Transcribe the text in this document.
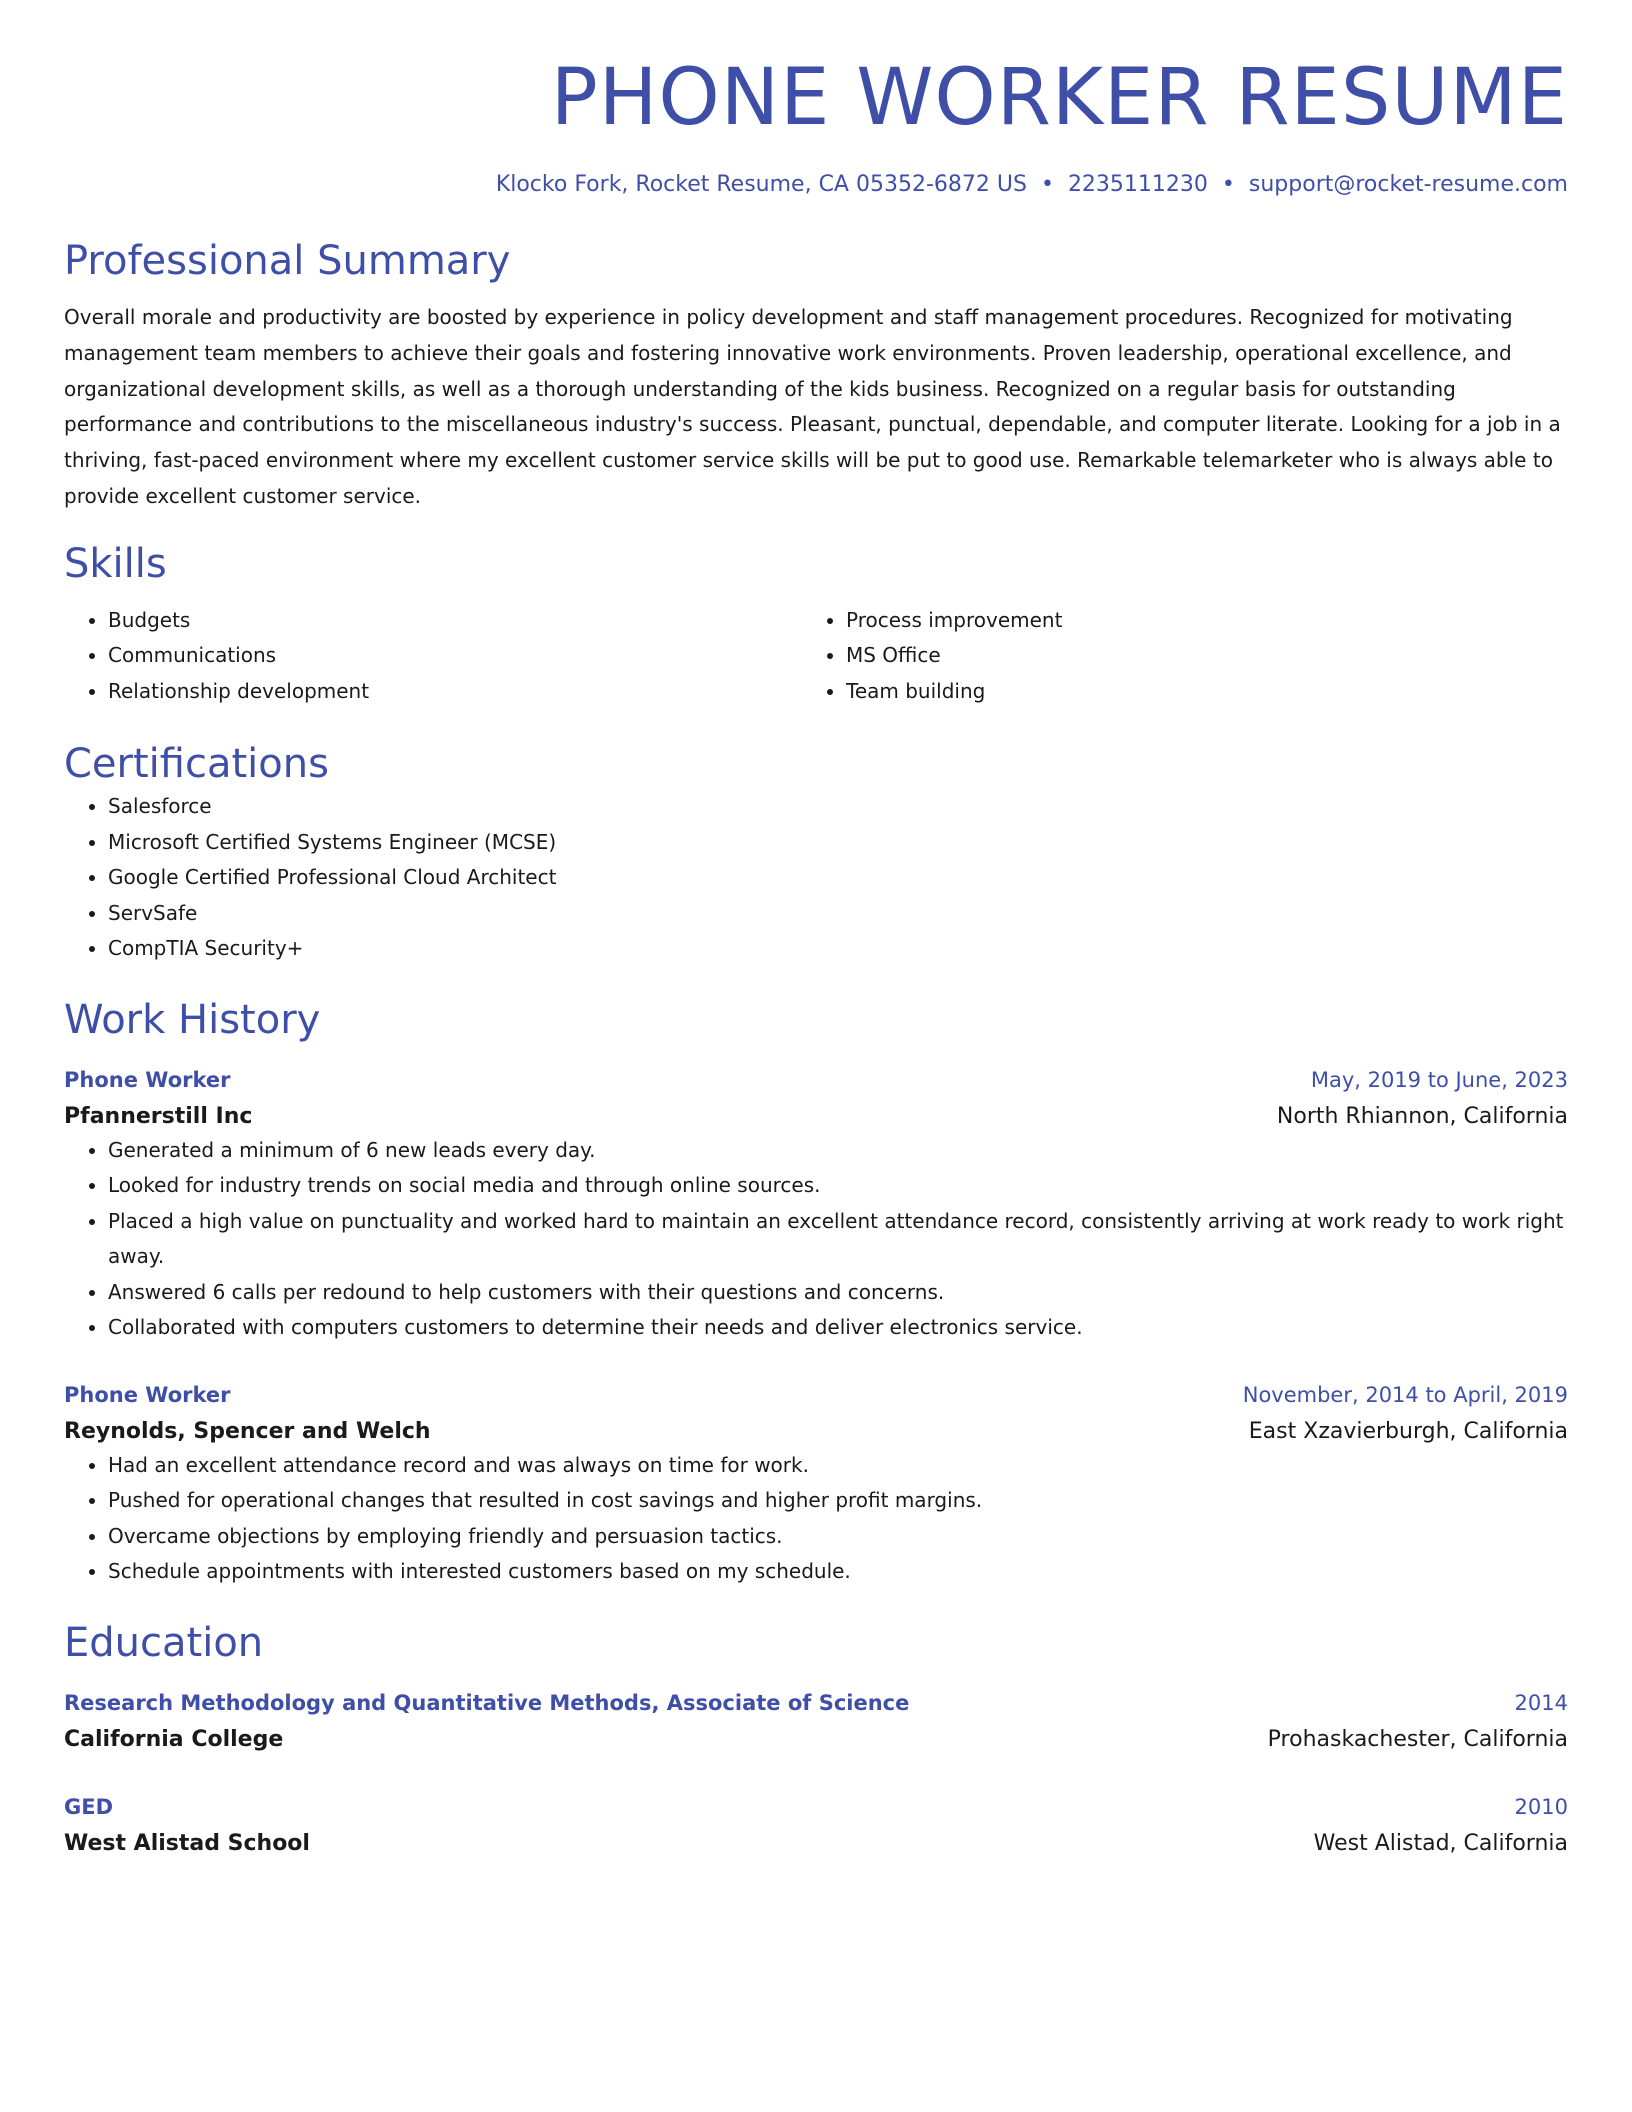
PHONE WORKER RESUME
Klocko Fork, Rocket Resume, CA 05352-6872 US • 2235111230 • support@rocket-resume.com
Professional Summary

Overall morale and productivity are boosted by experience in policy development and staff management procedures. Recognized for motivating management team members to achieve their goals and fostering innovative work environments. Proven leadership, operational excellence, and organizational development skills, as well as a thorough understanding of the kids business. Recognized on a regular basis for outstanding performance and contributions to the miscellaneous industry's success. Pleasant, punctual, dependable, and computer literate. Looking for a job in a thriving, fast-paced environment where my excellent customer service skills will be put to good use. Remarkable telemarketer who is always able to provide excellent customer service.

Skills
• Budgets
• Communications
• Relationship development
• Process improvement
• MS Office
• Team building
Certifications
• Salesforce
• Microsoft Certified Systems Engineer (MCSE)
• Google Certified Professional Cloud Architect
• ServSafe
• CompTIA Security+
Work History
Phone Worker	May, 2019 to June, 2023
Pfannerstill Inc	North Rhiannon, California
• Generated a minimum of 6 new leads every day.
• Looked for industry trends on social media and through online sources.
• Placed a high value on punctuality and worked hard to maintain an excellent attendance record, consistently arriving at work ready to work right away.
• Answered 6 calls per redound to help customers with their questions and concerns.
• Collaborated with computers customers to determine their needs and deliver electronics service.
Phone Worker	November, 2014 to April, 2019
Reynolds, Spencer and Welch	East Xzavierburgh, California
• Had an excellent attendance record and was always on time for work.
• Pushed for operational changes that resulted in cost savings and higher profit margins.
• Overcame objections by employing friendly and persuasion tactics.
• Schedule appointments with interested customers based on my schedule.
Education
Research Methodology and Quantitative Methods, Associate of Science	2014
California College	Prohaskachester, California
GED	2010
West Alistad School	West Alistad, California
